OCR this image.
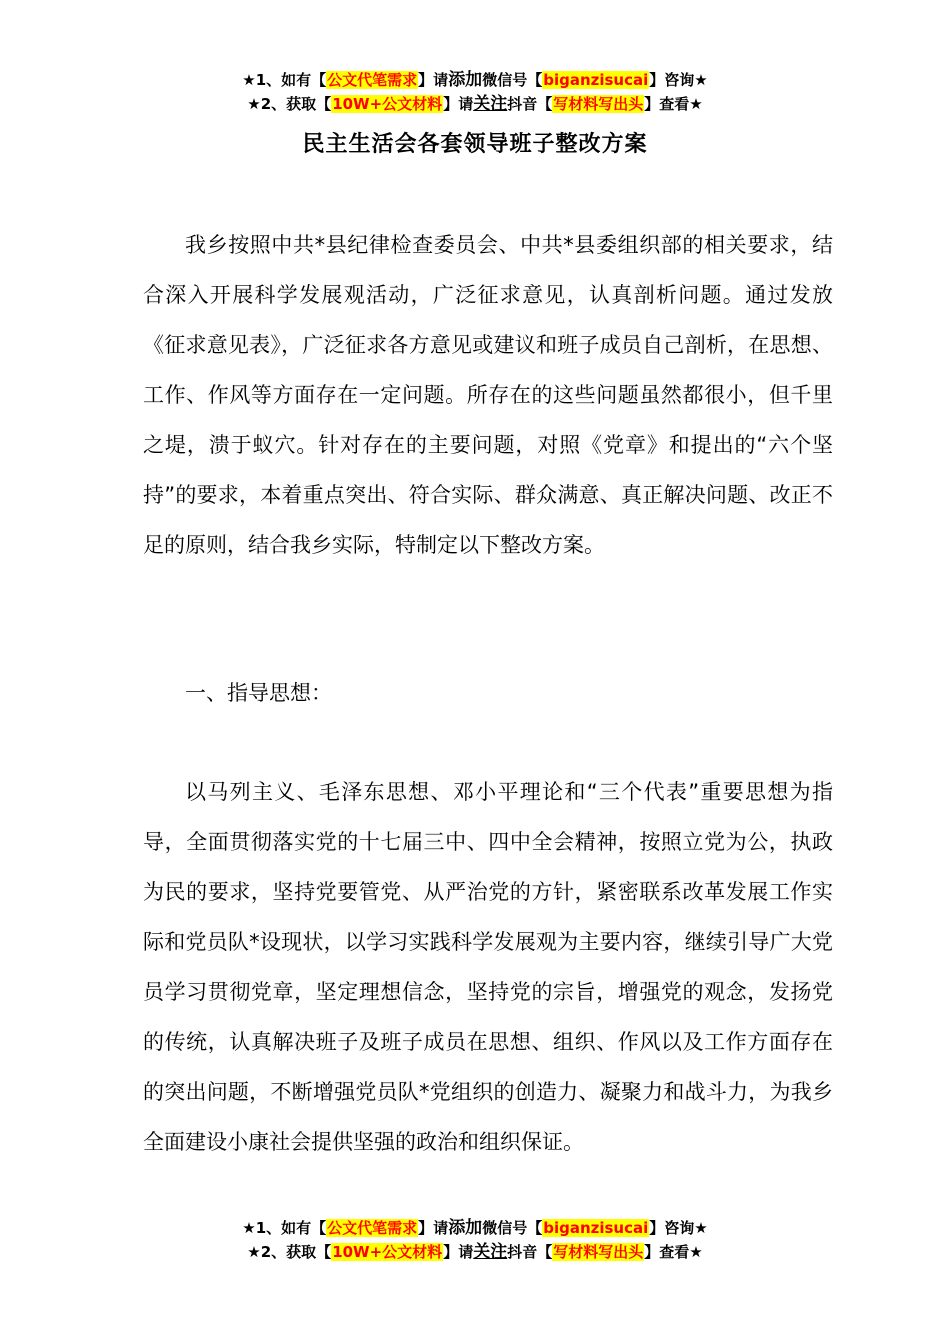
★1、如有【公文代笔需求】请添加微信号【biganzisucai】咨询★
★2、获取【10W+公文材料】请关注抖音【写材料写出头】查看★
民主生活会各套领导班子整改方案

我乡按照中共*县纪律检查委员会、中共*县委组织部的相关要求，结合深入开展科学发展观活动，广泛征求意见，认真剖析问题。通过发放《征求意见表》，广泛征求各方意见或建议和班子成员自己剖析，在思想、工作、作风等方面存在一定问题。所存在的这些问题虽然都很小，但千里之堤，溃于蚁穴。针对存在的主要问题，对照《党章》和提出的“六个坚持”的要求，本着重点突出、符合实际、群众满意、真正解决问题、改正不足的原则，结合我乡实际，特制定以下整改方案。

一、指导思想：

以马列主义、毛泽东思想、邓小平理论和“三个代表”重要思想为指导，全面贯彻落实党的十七届三中、四中全会精神，按照立党为公，执政为民的要求，坚持党要管党、从严治党的方针，紧密联系改革发展工作实际和党员队*设现状，以学习实践科学发展观为主要内容，继续引导广大党员学习贯彻党章，坚定理想信念，坚持党的宗旨，增强党的观念，发扬党的传统，认真解决班子及班子成员在思想、组织、作风以及工作方面存在的突出问题，不断增强党员队*党组织的创造力、凝聚力和战斗力，为我乡全面建设小康社会提供坚强的政治和组织保证。

★1、如有【公文代笔需求】请添加微信号【biganzisucai】咨询★
★2、获取【10W+公文材料】请关注抖音【写材料写出头】查看★
